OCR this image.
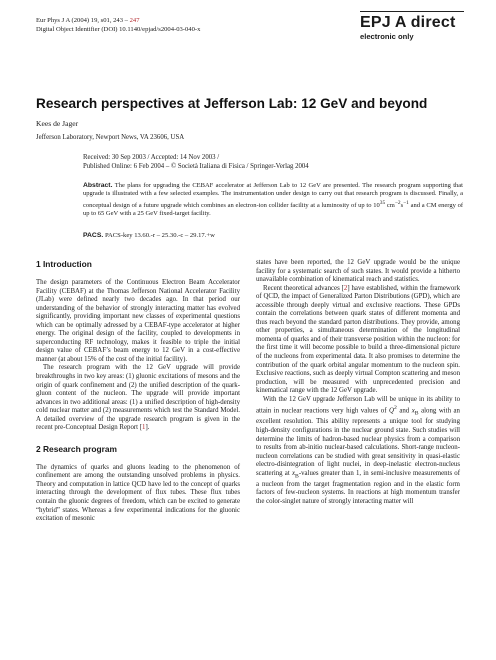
Eur Phys J A (2004) 19, s01, 243 – 247
Digital Object Identifier (DOI) 10.1140/epjad/s2004-03-040-x	EPJ A direct
electronic only
Research perspectives at Jefferson Lab: 12 GeV and beyond
Kees de Jager
Jefferson Laboratory, Newport News, VA 23606, USA
Received: 30 Sep 2003 / Accepted: 14 Nov 2003 /
Published Online: 6 Feb 2004 – © Società Italiana di Fisica / Springer-Verlag 2004

Abstract. The plans for upgrading the CEBAF accelerator at Jefferson Lab to 12 GeV are presented. The research program supporting that upgrade is illustrated with a few selected examples. The instrumentation under design to carry out that research program is discussed. Finally, a conceptual design of a future upgrade which combines an electron-ion collider facility at a luminosity of up to $10^{35}$ $cm^{-2}s^{-1}$ and a CM energy of up to 65 GeV with a 25 GeV fixed-target facility.

PACS. PACS-key 13.60.-r – 25.30.-c – 29.17.+w
1 Introduction

The design parameters of the Continuous Electron Beam Accelerator Facility (CEBAF) at the Thomas Jefferson National Accelerator Facility (JLab) were defined nearly two decades ago. In that period our understanding of the behavior of strongly interacting matter has evolved significantly, providing important new classes of experimental questions which can be optimally adressed by a CEBAF-type accelerator at higher energy. The original design of the facility, coupled to developments in superconducting RF technology, makes it feasible to triple the initial design value of CEBAF’s beam energy to 12 GeV in a cost-effective manner (at about 15% of the cost of the initial facility).

The research program with the 12 GeV upgrade will provide breakthroughs in two key areas: (1) gluonic excitations of mesons and the origin of quark confinement and (2) the unified description of the quark-gluon content of the nucleon. The upgrade will provide important advances in two additional areas: (1) a unified description of high-density cold nuclear matter and (2) measurements which test the Standard Model. A detailed overview of the upgrade research program is given in the recent pre-Conceptual Design Report [1].

2 Research program

The dynamics of quarks and gluons leading to the phenomenon of confinement are among the outstanding unsolved problems in physics. Theory and computation in lattice QCD have led to the concept of quarks interacting through the development of flux tubes. These flux tubes contain the gluonic degrees of freedom, which can be excited to generate “hybrid” states. Whereas a few experimental indications for the gluonic excitation of mesonic

states have been reported, the 12 GeV upgrade would be the unique facility for a systematic search of such states. It would provide a hitherto unavailable combination of kinematical reach and statistics.

Recent theoretical advances [2] have established, within the framework of QCD, the impact of Generalized Parton Distributions (GPD), which are accessible through deeply virtual and exclusive reactions. These GPDs contain the correlations between quark states of different momenta and thus reach beyond the standard parton distributions. They provide, among other properties, a simultaneous determination of the longitudinal momenta of quarks and of their transverse position within the nucleon: for the first time it will become possible to build a three-dimensional picture of the nucleons from experimental data. It also promises to determine the contribution of the quark orbital angular momentum to the nucleon spin. Exclusive reactions, such as deeply virtual Compton scattering and meson production, will be measured with unprecedented precision and kinematical range with the 12 GeV upgrade.

With the 12 GeV upgrade Jefferson Lab will be unique in its ability to attain in nuclear reactions very high values of $Q^2$ and $x_B$ along with an excellent resolution. This ability represents a unique tool for studying high-density configurations in the nuclear ground state. Such studies will determine the limits of hadron-based nuclear physics from a comparison to results from ab-initio nuclear-based calculations. Short-range nucleon-nucleon correlations can be studied with great sensitivity in quasi-elastic electro-disintegration of light nuclei, in deep-inelastic electron-nucleus scattering at $x_B$-values greater than 1, in semi-inclusive measurements of a nucleon from the target fragmentation region and in the elastic form factors of few-nucleon systems. In reactions at high momentum transfer the color-singlet nature of strongly interacting matter will
